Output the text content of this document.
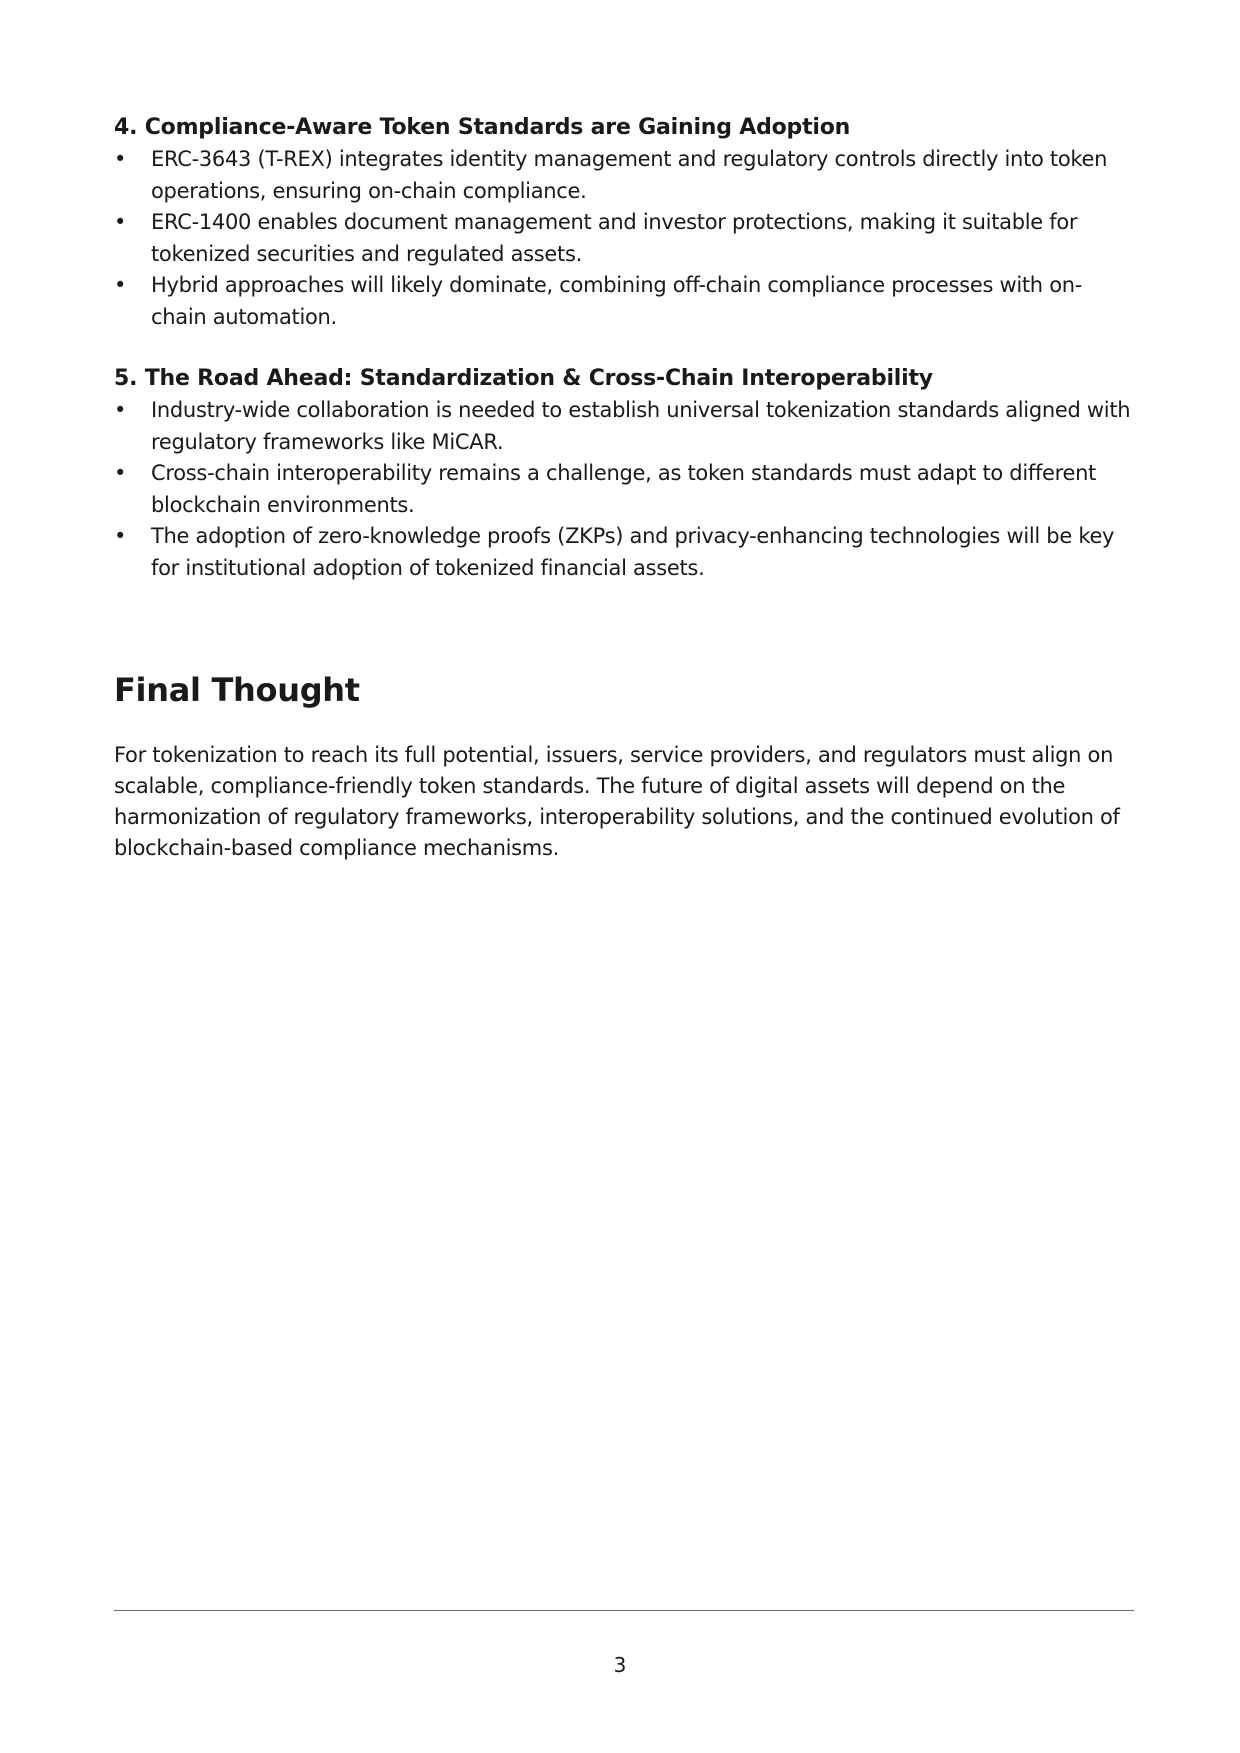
4. Compliance-Aware Token Standards are Gaining Adoption
•	ERC-3643 (T-REX) integrates identity management and regulatory controls directly into token operations, ensuring on-chain compliance.
•	ERC-1400 enables document management and investor protections, making it suitable for tokenized securities and regulated assets.
•	Hybrid approaches will likely dominate, combining off-chain compliance processes with on-chain automation.
5. The Road Ahead: Standardization & Cross-Chain Interoperability
•	Industry-wide collaboration is needed to establish universal tokenization standards aligned with regulatory frameworks like MiCAR.
•	Cross-chain interoperability remains a challenge, as token standards must adapt to different blockchain environments.
•	The adoption of zero-knowledge proofs (ZKPs) and privacy-enhancing technologies will be key for institutional adoption of tokenized financial assets.
Final Thought

For tokenization to reach its full potential, issuers, service providers, and regulators must align on scalable, compliance-friendly token standards. The future of digital assets will depend on the harmonization of regulatory frameworks, interoperability solutions, and the continued evolution of blockchain-based compliance mechanisms.

3
